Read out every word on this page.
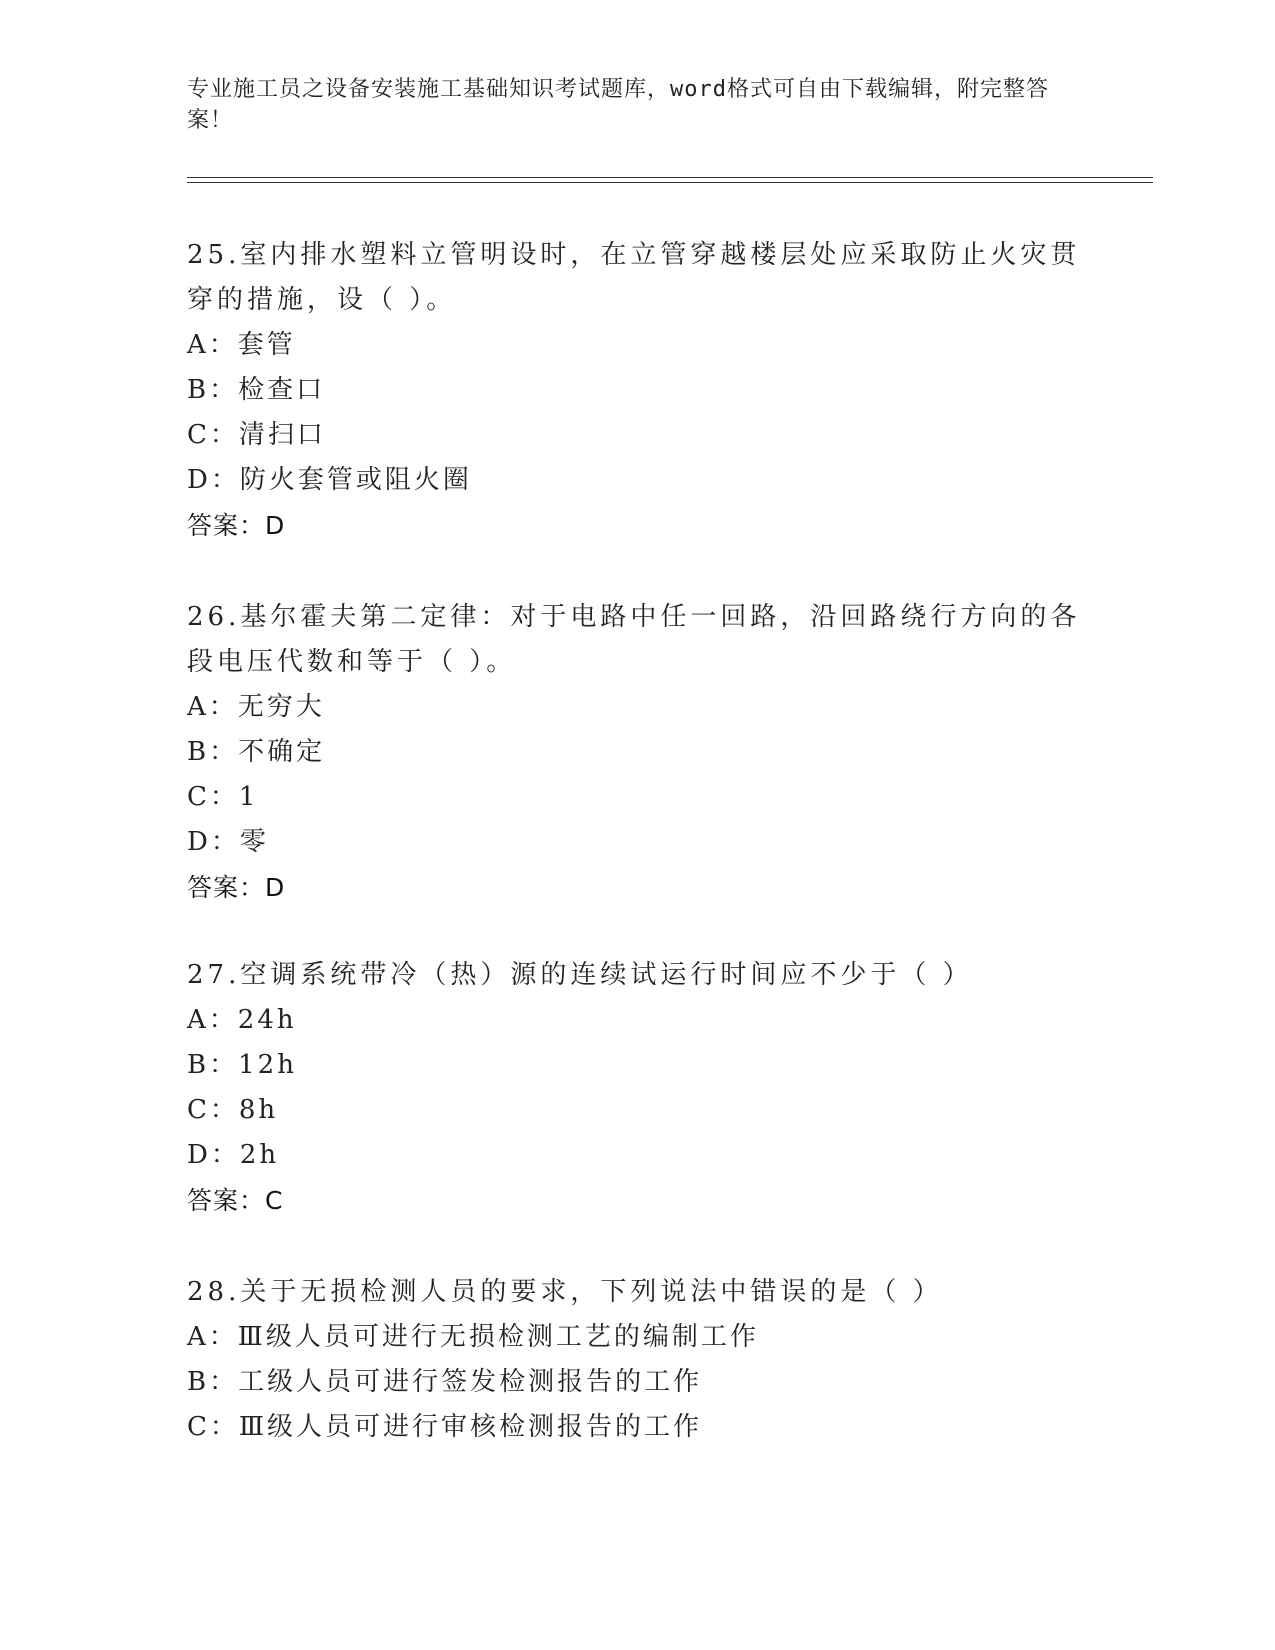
专业施工员之设备安装施工基础知识考试题库，word格式可自由下载编辑，附完整答案！

25.室内排水塑料立管明设时，在立管穿越楼层处应采取防止火灾贯穿的措施，设（ ）。

A：套管
B：检查口
C：清扫口
D：防火套管或阻火圈
答案：D

26.基尔霍夫第二定律：对于电路中任一回路，沿回路绕行方向的各段电压代数和等于（ ）。

A：无穷大
B：不确定
C：1
D：零
答案：D

27.空调系统带冷（热）源的连续试运行时间应不少于（ ）

A：24h
B：12h
C：8h
D：2h
答案：C

28.关于无损检测人员的要求，下列说法中错误的是（ ）

A：Ⅲ级人员可进行无损检测工艺的编制工作
B：工级人员可进行签发检测报告的工作
C：Ⅲ级人员可进行审核检测报告的工作
